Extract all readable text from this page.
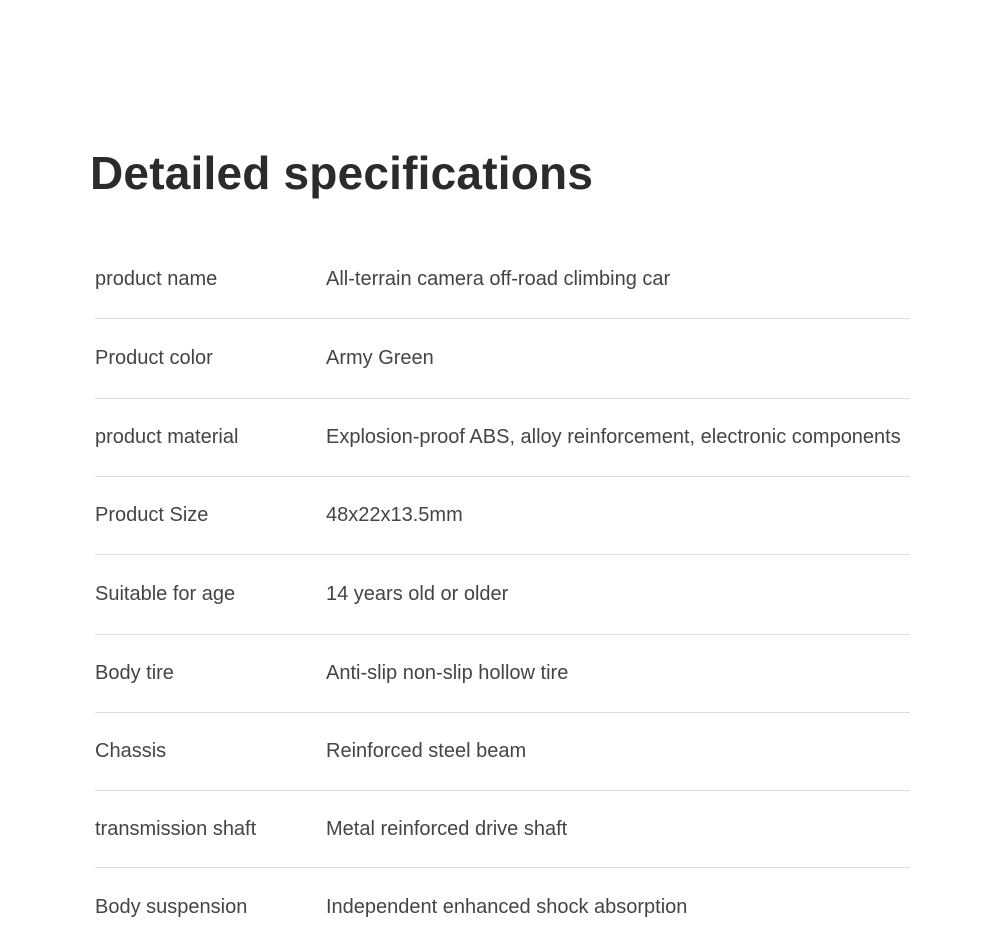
Detailed specifications
product name	All-terrain camera off-road climbing car
Product color	Army Green
product material	Explosion-proof ABS, alloy reinforcement, electronic components
Product Size	48x22x13.5mm
Suitable for age	14 years old or older
Body tire	Anti-slip non-slip hollow tire
Chassis	Reinforced steel beam
transmission shaft	Metal reinforced drive shaft
Body suspension	Independent enhanced shock absorption
